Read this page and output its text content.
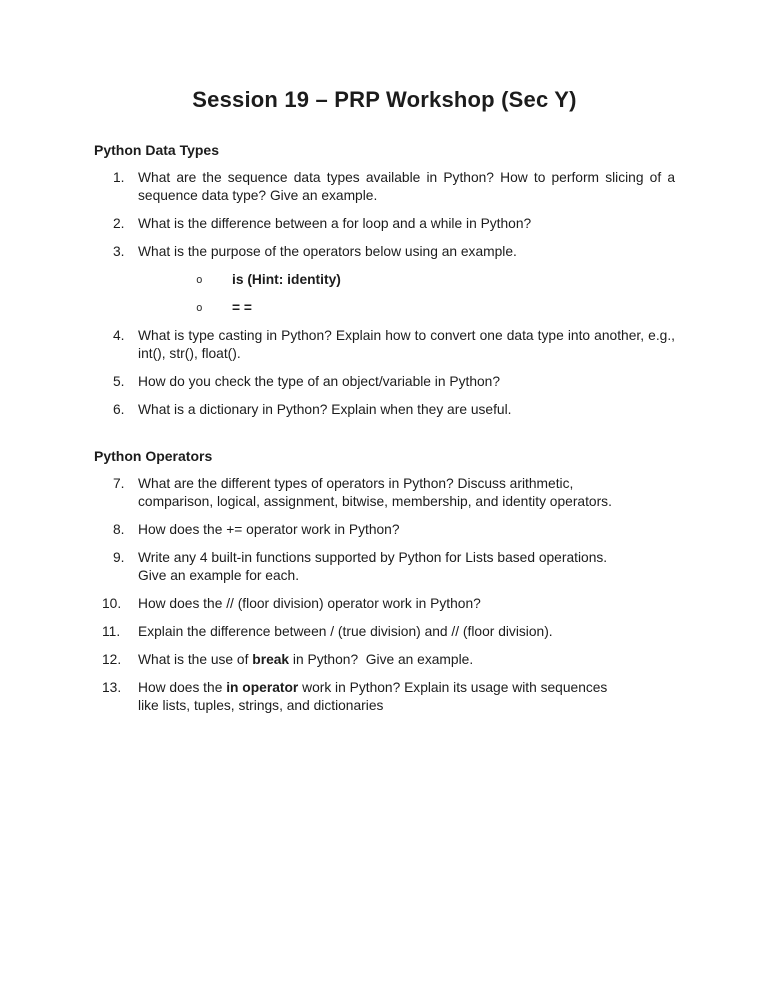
Session 19 – PRP Workshop (Sec Y)
Python Data Types
1. What are the sequence data types available in Python? How to perform slicing of a sequence data type? Give an example.
2. What is the difference between a for loop and a while in Python?
3. What is the purpose of the operators below using an example.
o	is (Hint: identity)
o	= =
4. What is type casting in Python? Explain how to convert one data type into another, e.g., int(), str(), float().
5. How do you check the type of an object/variable in Python?
6. What is a dictionary in Python? Explain when they are useful.
Python Operators
7. What are the different types of operators in Python? Discuss arithmetic,
comparison, logical, assignment, bitwise, membership, and identity operators.
8. How does the += operator work in Python?
9. Write any 4 built-in functions supported by Python for Lists based operations.
Give an example for each.
10.	How does the // (floor division) operator work in Python?
11.	Explain the difference between / (true division) and // (floor division).
12.	What is the use of break in Python?  Give an example.
13.	How does the in operator work in Python? Explain its usage with sequences
like lists, tuples, strings, and dictionaries
